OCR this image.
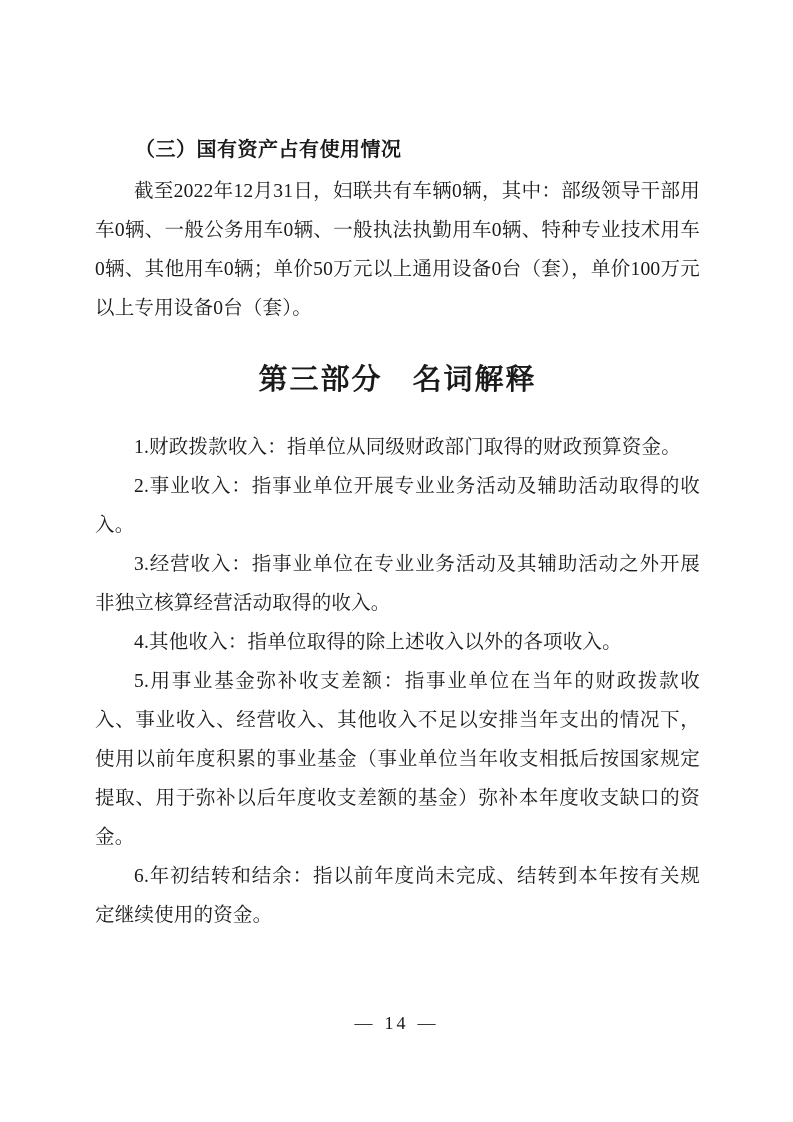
（三）国有资产占有使用情况

截至2022年12月31日，妇联共有车辆0辆，其中：部级领导干部用车0辆、一般公务用车0辆、一般执法执勤用车0辆、特种专业技术用车0辆、其他用车0辆；单价50万元以上通用设备0台（套），单价100万元以上专用设备0台（套）。

第三部分 名词解释

1.财政拨款收入：指单位从同级财政部门取得的财政预算资金。

2.事业收入：指事业单位开展专业业务活动及辅助活动取得的收入。

3.经营收入：指事业单位在专业业务活动及其辅助活动之外开展非独立核算经营活动取得的收入。

4.其他收入：指单位取得的除上述收入以外的各项收入。

5.用事业基金弥补收支差额：指事业单位在当年的财政拨款收入、事业收入、经营收入、其他收入不足以安排当年支出的情况下，使用以前年度积累的事业基金（事业单位当年收支相抵后按国家规定提取、用于弥补以后年度收支差额的基金）弥补本年度收支缺口的资金。

6.年初结转和结余：指以前年度尚未完成、结转到本年按有关规定继续使用的资金。

— 14 —
